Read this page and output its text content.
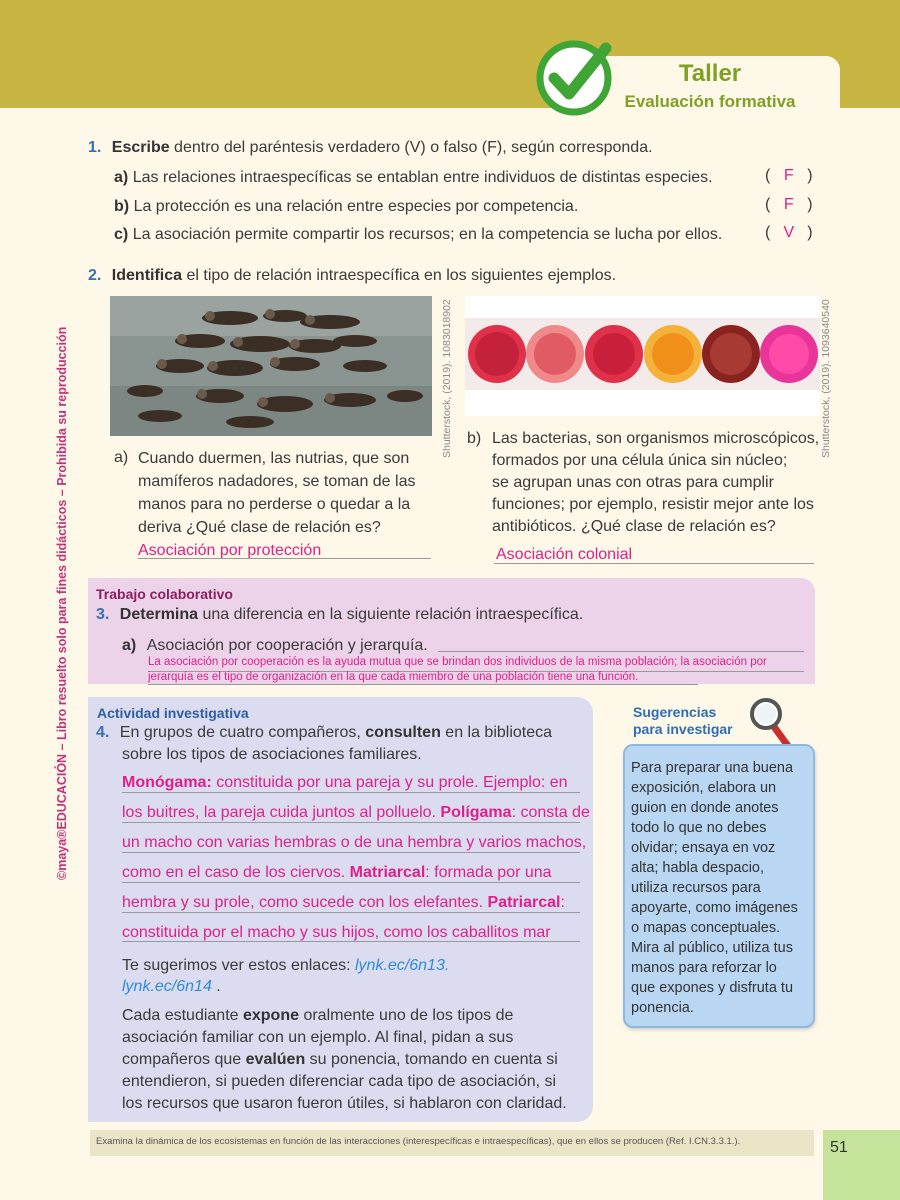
Taller
Evaluación formativa
©maya®EDUCACIÓN – Libro resuelto solo para fines didácticos – Prohibida su reproducción
1. Escribe dentro del paréntesis verdadero (V) o falso (F), según corresponda.
a) Las relaciones intraespecíficas se entablan entre individuos de distintas especies.	( F )
b) La protección es una relación entre especies por competencia.	( F )
c) La asociación permite compartir los recursos; en la competencia se lucha por ellos.	( V )
2. Identifica el tipo de relación intraespecífica en los siguientes ejemplos.
Shutterstock, (2019). 1083018902	Shutterstock, (2019). 1093640540
a) Cuando duermen, las nutrias, que son
mamíferos nadadores, se toman de las
manos para no perderse o quedar a la
deriva ¿Qué clase de relación es?
Asociación por protección
b) Las bacterias, son organismos microscópicos,
formados por una célula única sin núcleo;
se agrupan unas con otras para cumplir
funciones; por ejemplo, resistir mejor ante los
antibióticos. ¿Qué clase de relación es?
Asociación colonial
Trabajo colaborativo
3. Determina una diferencia en la siguiente relación intraespecífica.
a) Asociación por cooperación y jerarquía.
La asociación por cooperación es la ayuda mutua que se brindan dos individuos de la misma población; la asociación por
jerarquía es el tipo de organización en la que cada miembro de una población tiene una función.
Actividad investigativa
4. En grupos de cuatro compañeros, consulten en la biblioteca
sobre los tipos de asociaciones familiares.
Monógama: constituida por una pareja y su prole. Ejemplo: en
los buitres, la pareja cuida juntos al polluelo. Polígama: consta de
un macho con varias hembras o de una hembra y varios machos,
como en el caso de los ciervos. Matriarcal: formada por una
hembra y su prole, como sucede con los elefantes. Patriarcal:
constituida por el macho y sus hijos, como los caballitos mar
Te sugerimos ver estos enlaces: lynk.ec/6n13.
lynk.ec/6n14 .
Cada estudiante expone oralmente uno de los tipos de
asociación familiar con un ejemplo. Al final, pidan a sus
compañeros que evalúen su ponencia, tomando en cuenta si
entendieron, si pueden diferenciar cada tipo de asociación, si
los recursos que usaron fueron útiles, si hablaron con claridad.
Sugerencias
para investigar
Para preparar una buena
exposición, elabora un
guion en donde anotes
todo lo que no debes
olvidar; ensaya en voz
alta; habla despacio,
utiliza recursos para
apoyarte, como imágenes
o mapas conceptuales.
Mira al público, utiliza tus
manos para reforzar lo
que expones y disfruta tu
ponencia.
Examina la dinámica de los ecosistemas en función de las interacciones (interespecíficas e intraespecíficas), que en ellos se producen (Ref. I.CN.3.3.1.).	51
